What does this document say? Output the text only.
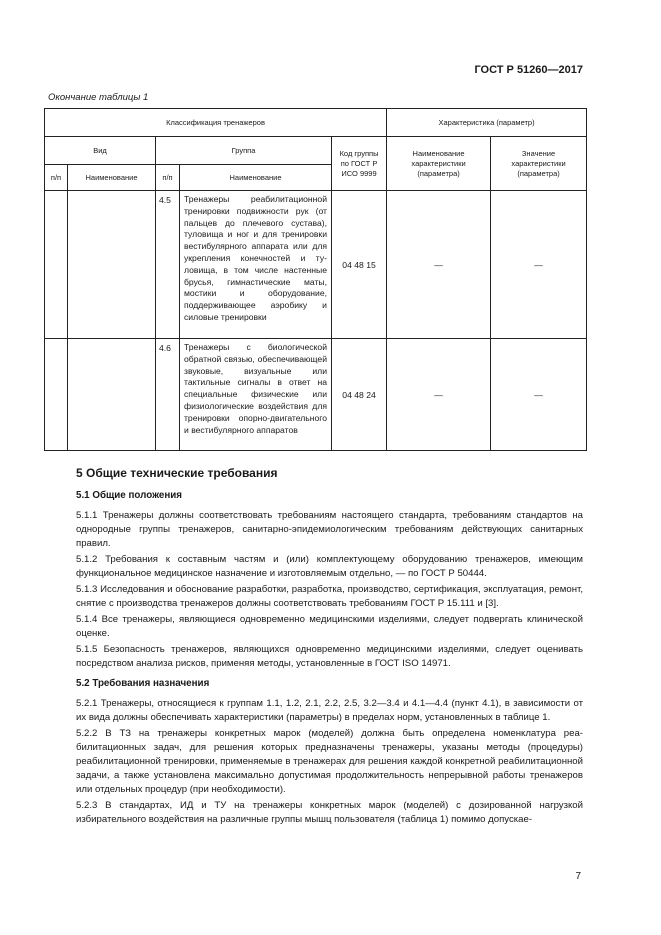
ГОСТ Р 51260—2017
Окончание таблицы 1
Классификация тренажеров					Характеристика (параметр)	
Вид		Группа		Код группы по ГОСТ Р ИСО 9999	Наименование характеристики (параметра)	Значение характеристики (параметра)
п/п	Наименование	п/п	Наименование			
		4.5	Тренажеры реабилитационной тренировки подвижности рук (от пальцев до плечевого сустава), туловища и ног и для тренировки вестибулярного аппарата или для укрепления конечностей и туловища, в том числе настенные брусья, гимнастические маты, мостики и оборудование, поддерживающее аэробику и силовые тренировки	04 48 15	—	—
		4.6	Тренажеры с биологической обратной связью, обеспечивающей звуковые, визуальные или тактильные сигналы в ответ на специальные физические или физиологические воздействия для тренировки опорно-двигательного и вестибулярного аппаратов	04 48 24	—	—
5 Общие технические требования
5.1 Общие положения

5.1.1 Тренажеры должны соответствовать требованиям настоящего стандарта, требованиям стандартов на однородные группы тренажеров, санитарно-эпидемиологическим требованиям действующих санитарных правил.

5.1.2 Требования к составным частям и (или) комплектующему оборудованию тренажеров, имеющим функциональное медицинское назначение и изготовляемым отдельно, — по ГОСТ Р 50444.

5.1.3 Исследования и обоснование разработки, разработка, производство, сертификация, эксплуатация, ремонт, снятие с производства тренажеров должны соответствовать требованиям ГОСТ Р 15.111 и [3].

5.1.4 Все тренажеры, являющиеся одновременно медицинскими изделиями, следует подвергать клинической оценке.

5.1.5 Безопасность тренажеров, являющихся одновременно медицинскими изделиями, следует оценивать посредством анализа рисков, применяя методы, установленные в ГОСТ ISO 14971.

5.2 Требования назначения

5.2.1 Тренажеры, относящиеся к группам 1.1, 1.2, 2.1, 2.2, 2.5, 3.2—3.4 и 4.1—4.4 (пункт 4.1), в зависимости от их вида должны обеспечивать характеристики (параметры) в пределах норм, установленных в таблице 1.

5.2.2 В ТЗ на тренажеры конкретных марок (моделей) должна быть определена номенклатура реабилитационных задач, для решения которых предназначены тренажеры, указаны методы (процедуры) реабилитационной тренировки, применяемые в тренажерах для решения каждой конкретной реабилитационной задачи, а также установлена максимально допустимая продолжительность непрерывной работы тренажеров или отдельных процедур (при необходимости).

5.2.3 В стандартах, ИД и ТУ на тренажеры конкретных марок (моделей) с дозированной нагрузкой избирательного воздействия на различные группы мышц пользователя (таблица 1) помимо допускае-

7
